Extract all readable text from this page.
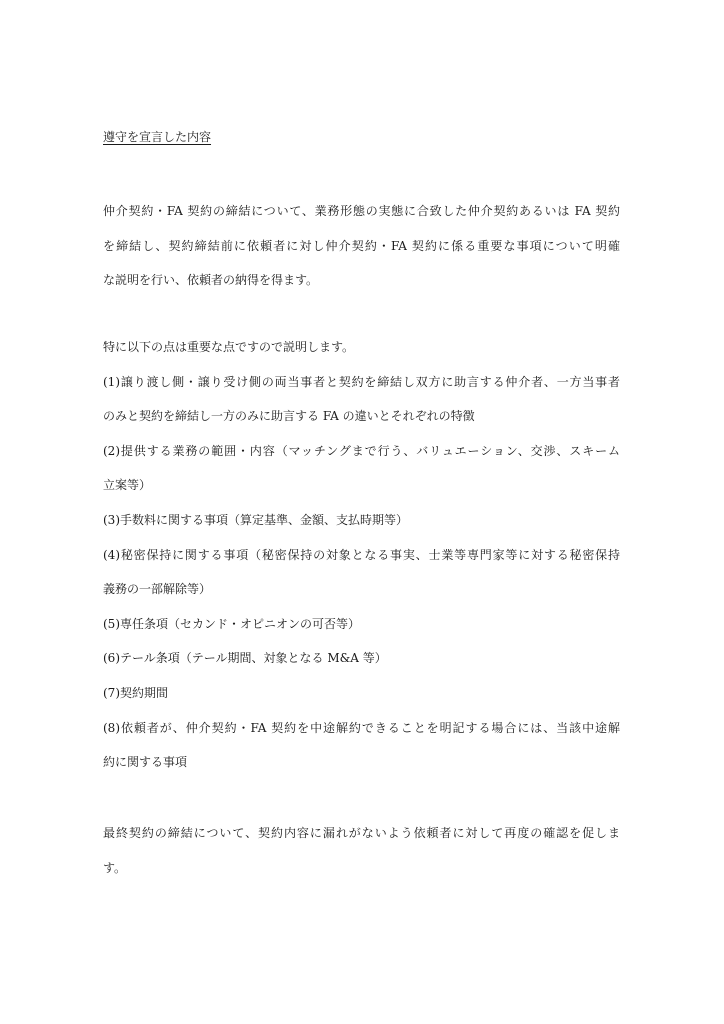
遵守を宣言した内容
仲介契約・FA 契約の締結について、業務形態の実態に合致した仲介契約あるいは FA 契約
を締結し、契約締結前に依頼者に対し仲介契約・FA 契約に係る重要な事項について明確
な説明を行い、依頼者の納得を得ます。
特に以下の点は重要な点ですので説明します。
(1)譲り渡し側・譲り受け側の両当事者と契約を締結し双方に助言する仲介者、一方当事者
のみと契約を締結し一方のみに助言する FA の違いとそれぞれの特徴
(2)提供する業務の範囲・内容（マッチングまで行う、バリュエーション、交渉、スキーム
立案等）
(3)手数料に関する事項（算定基準、金額、支払時期等）
(4)秘密保持に関する事項（秘密保持の対象となる事実、士業等専門家等に対する秘密保持
義務の一部解除等）
(5)専任条項（セカンド・オピニオンの可否等）
(6)テール条項（テール期間、対象となる M&A 等）
(7)契約期間
(8)依頼者が、仲介契約・FA 契約を中途解約できることを明記する場合には、当該中途解
約に関する事項
最終契約の締結について、契約内容に漏れがないよう依頼者に対して再度の確認を促しま
す。
